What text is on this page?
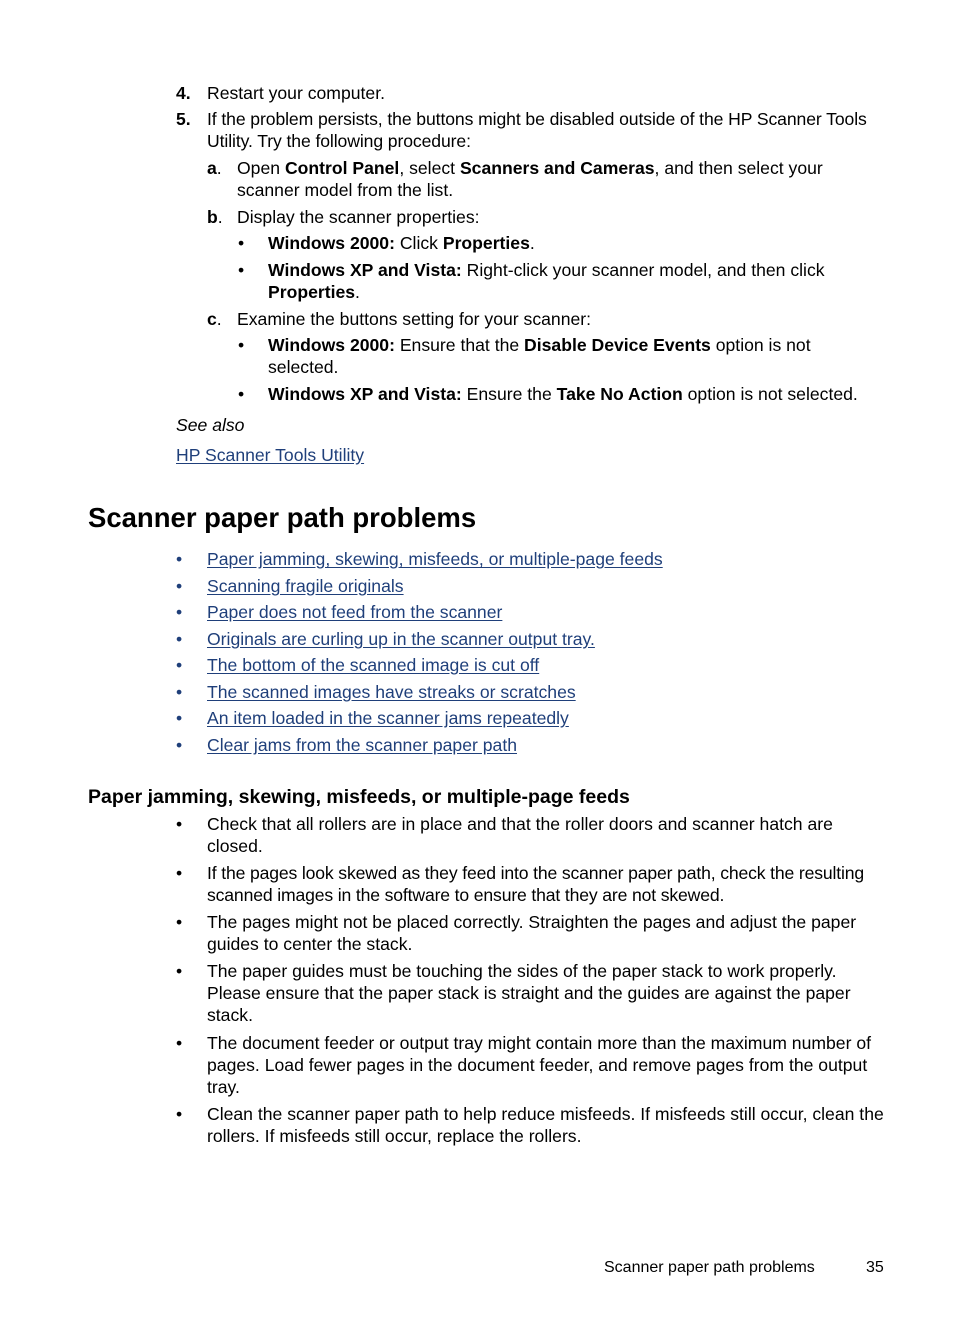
4. Restart your computer.
5. If the problem persists, the buttons might be disabled outside of the HP Scanner Tools Utility. Try the following procedure:
a. Open Control Panel, select Scanners and Cameras, and then select your scanner model from the list.
b. Display the scanner properties:
• Windows 2000: Click Properties.
• Windows XP and Vista: Right-click your scanner model, and then click Properties.
c. Examine the buttons setting for your scanner:
• Windows 2000: Ensure that the Disable Device Events option is not selected.
• Windows XP and Vista: Ensure the Take No Action option is not selected.
See also
HP Scanner Tools Utility
Scanner paper path problems
• Paper jamming, skewing, misfeeds, or multiple-page feeds
• Scanning fragile originals
• Paper does not feed from the scanner
• Originals are curling up in the scanner output tray.
• The bottom of the scanned image is cut off
• The scanned images have streaks or scratches
• An item loaded in the scanner jams repeatedly
• Clear jams from the scanner paper path
Paper jamming, skewing, misfeeds, or multiple-page feeds
• Check that all rollers are in place and that the roller doors and scanner hatch are closed.
• If the pages look skewed as they feed into the scanner paper path, check the resulting scanned images in the software to ensure that they are not skewed.
• The pages might not be placed correctly. Straighten the pages and adjust the paper guides to center the stack.
• The paper guides must be touching the sides of the paper stack to work properly. Please ensure that the paper stack is straight and the guides are against the paper stack.
• The document feeder or output tray might contain more than the maximum number of pages. Load fewer pages in the document feeder, and remove pages from the output tray.
• Clean the scanner paper path to help reduce misfeeds. If misfeeds still occur, clean the rollers. If misfeeds still occur, replace the rollers.
Scanner paper path problems	35
